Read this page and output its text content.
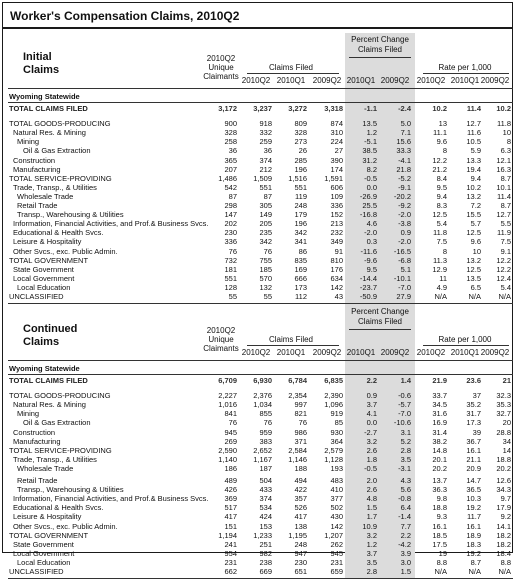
Worker's Compensation Claims, 2010Q2
Initial
Claims
2010Q2
Unique
Claimants
Claims Filed
Percent Change
Claims Filed
Rate per 1,000
2010Q2 2010Q1 2009Q2 2010Q1 2009Q2 2010Q2 2010Q1 2009Q2
Wyoming Statewide
TOTAL CLAIMS FILED	3,172	3,237	3,272	3,318	-1.1	-2.4	10.2	11.4	10.2
TOTAL GOODS-PRODUCING	900	918	809	874	13.5	5.0	13	12.7	11.8
Natural Res. & Mining	328	332	328	310	1.2	7.1	11.1	11.6	10
Mining	258	259	273	224	-5.1	15.6	9.6	10.5	8
Oil & Gas Extraction	36	36	26	27	38.5	33.3	8	5.9	6.3
Construction	365	374	285	390	31.2	-4.1	12.2	13.3	12.1
Manufacturing	207	212	196	174	8.2	21.8	21.2	19.4	16.3
TOTAL SERVICE-PROVIDING	1,486	1,509	1,516	1,591	-0.5	-5.2	8.4	9.4	8.7
Trade, Transp., & Utilities	542	551	551	606	0.0	-9.1	9.5	10.2	10.1
Wholesale Trade	87	87	119	109	-26.9	-20.2	9.4	13.2	11.4
Retail Trade	298	305	248	336	25.5	-9.2	8.3	7.2	8.7
Transp., Warehousing & Utilities	147	149	179	152	-16.8	-2.0	12.5	15.5	12.7
Information, Financial Activities, and Prof.& Business Svcs.	202	205	196	213	4.6	-3.8	5.4	5.7	5.5
Educational & Health Svcs.	230	235	342	232	-2.0	0.9	11.8	12.5	11.9
Leisure & Hospitality	336	342	341	349	0.3	-2.0	7.5	9.6	7.5
Other Svcs., exc. Public Admin.	76	76	86	91	-11.6	-16.5	8	10	9.1
TOTAL GOVERNMENT	732	755	835	810	-9.6	-6.8	11.3	13.2	12.2
State Government	181	185	169	176	9.5	5.1	12.9	12.5	12.2
Local Government	551	570	666	634	-14.4	-10.1	11	13.5	12.4
Local Education	128	132	173	142	-23.7	-7.0	4.9	6.5	5.4
UNCLASSIFIED	55	55	112	43	-50.9	27.9	N/A	N/A	N/A
Continued
Claims
2010Q2
Unique
Claimants
Claims Filed
Percent Change
Claims Filed
Rate per 1,000
2010Q2 2010Q1 2009Q2 2010Q1 2009Q2 2010Q2 2010Q1 2009Q2
Wyoming Statewide
TOTAL CLAIMS FILED	6,709	6,930	6,784	6,835	2.2	1.4	21.9	23.6	21
TOTAL GOODS-PRODUCING	2,227	2,376	2,354	2,390	0.9	-0.6	33.7	37	32.3
Natural Res. & Mining	1,016	1,034	997	1,096	3.7	-5.7	34.5	35.2	35.3
Mining	841	855	821	919	4.1	-7.0	31.6	31.7	32.7
Oil & Gas Extraction	76	76	76	85	0.0	-10.6	16.9	17.3	20
Construction	945	959	986	930	-2.7	3.1	31.4	39	28.8
Manufacturing	269	383	371	364	3.2	5.2	38.2	36.7	34
TOTAL SERVICE-PROVIDING	2,590	2,652	2,584	2,579	2.6	2.8	14.8	16.1	14
Trade, Transp., & Utilities	1,140	1,167	1,146	1,128	1.8	3.5	20.1	21.1	18.8
Wholesale Trade	186	187	188	193	-0.5	-3.1	20.2	20.9	20.2
Retail Trade	489	504	494	483	2.0	4.3	13.7	14.7	12.6
Transp., Warehousing & Utilities	426	433	422	410	2.6	5.6	36.3	36.5	34.3
Information, Financial Activities, and Prof.& Business Svcs.	369	374	357	377	4.8	-0.8	9.8	10.3	9.7
Educational & Health Svcs.	517	534	526	502	1.5	6.4	18.8	19.2	17.9
Leisure & Hospitality	417	424	417	430	1.7	-1.4	9.3	11.7	9.2
Other Svcs., exc. Public Admin.	151	153	138	142	10.9	7.7	16.1	16.1	14.1
TOTAL GOVERNMENT	1,194	1,233	1,195	1,207	3.2	2.2	18.5	18.9	18.2
State Government	241	251	248	262	1.2	-4.2	17.5	18.3	18.2
Local Government	954	982	947	945	3.7	3.9	19	19.2	18.4
Local Education	231	238	230	231	3.5	3.0	8.8	8.7	8.8
UNCLASSIFIED	662	669	651	659	2.8	1.5	N/A	N/A	N/A
